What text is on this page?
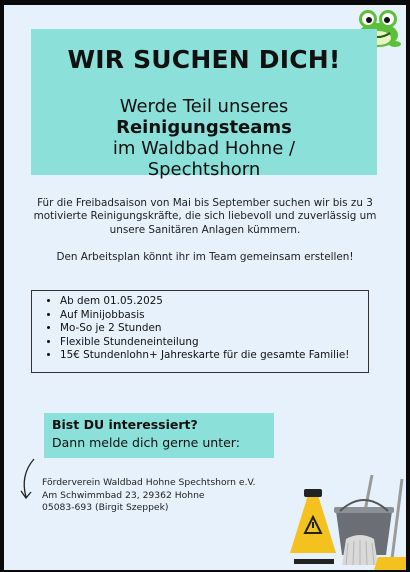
WIR SUCHEN DICH!
Werde Teil unseres
Reinigungsteams
im Waldbad Hohne /
Spechtshorn
Für die Freibadsaison von Mai bis September suchen wir bis zu 3 motivierte Reinigungskräfte, die sich liebevoll und zuverlässig um unsere Sanitären Anlagen kümmern.
Den Arbeitsplan könnt ihr im Team gemeinsam erstellen!
• Ab dem 01.05.2025
• Auf Minijobbasis
• Mo-So je 2 Stunden
• Flexible Stundeneinteilung
• 15€ Stundenlohn+ Jahreskarte für die gesamte Familie!
Bist DU interessiert?
Dann melde dich gerne unter:
Förderverein Waldbad Hohne Spechtshorn e.V.
Am Schwimmbad 23, 29362 Hohne
05083-693 (Birgit Szeppek)
